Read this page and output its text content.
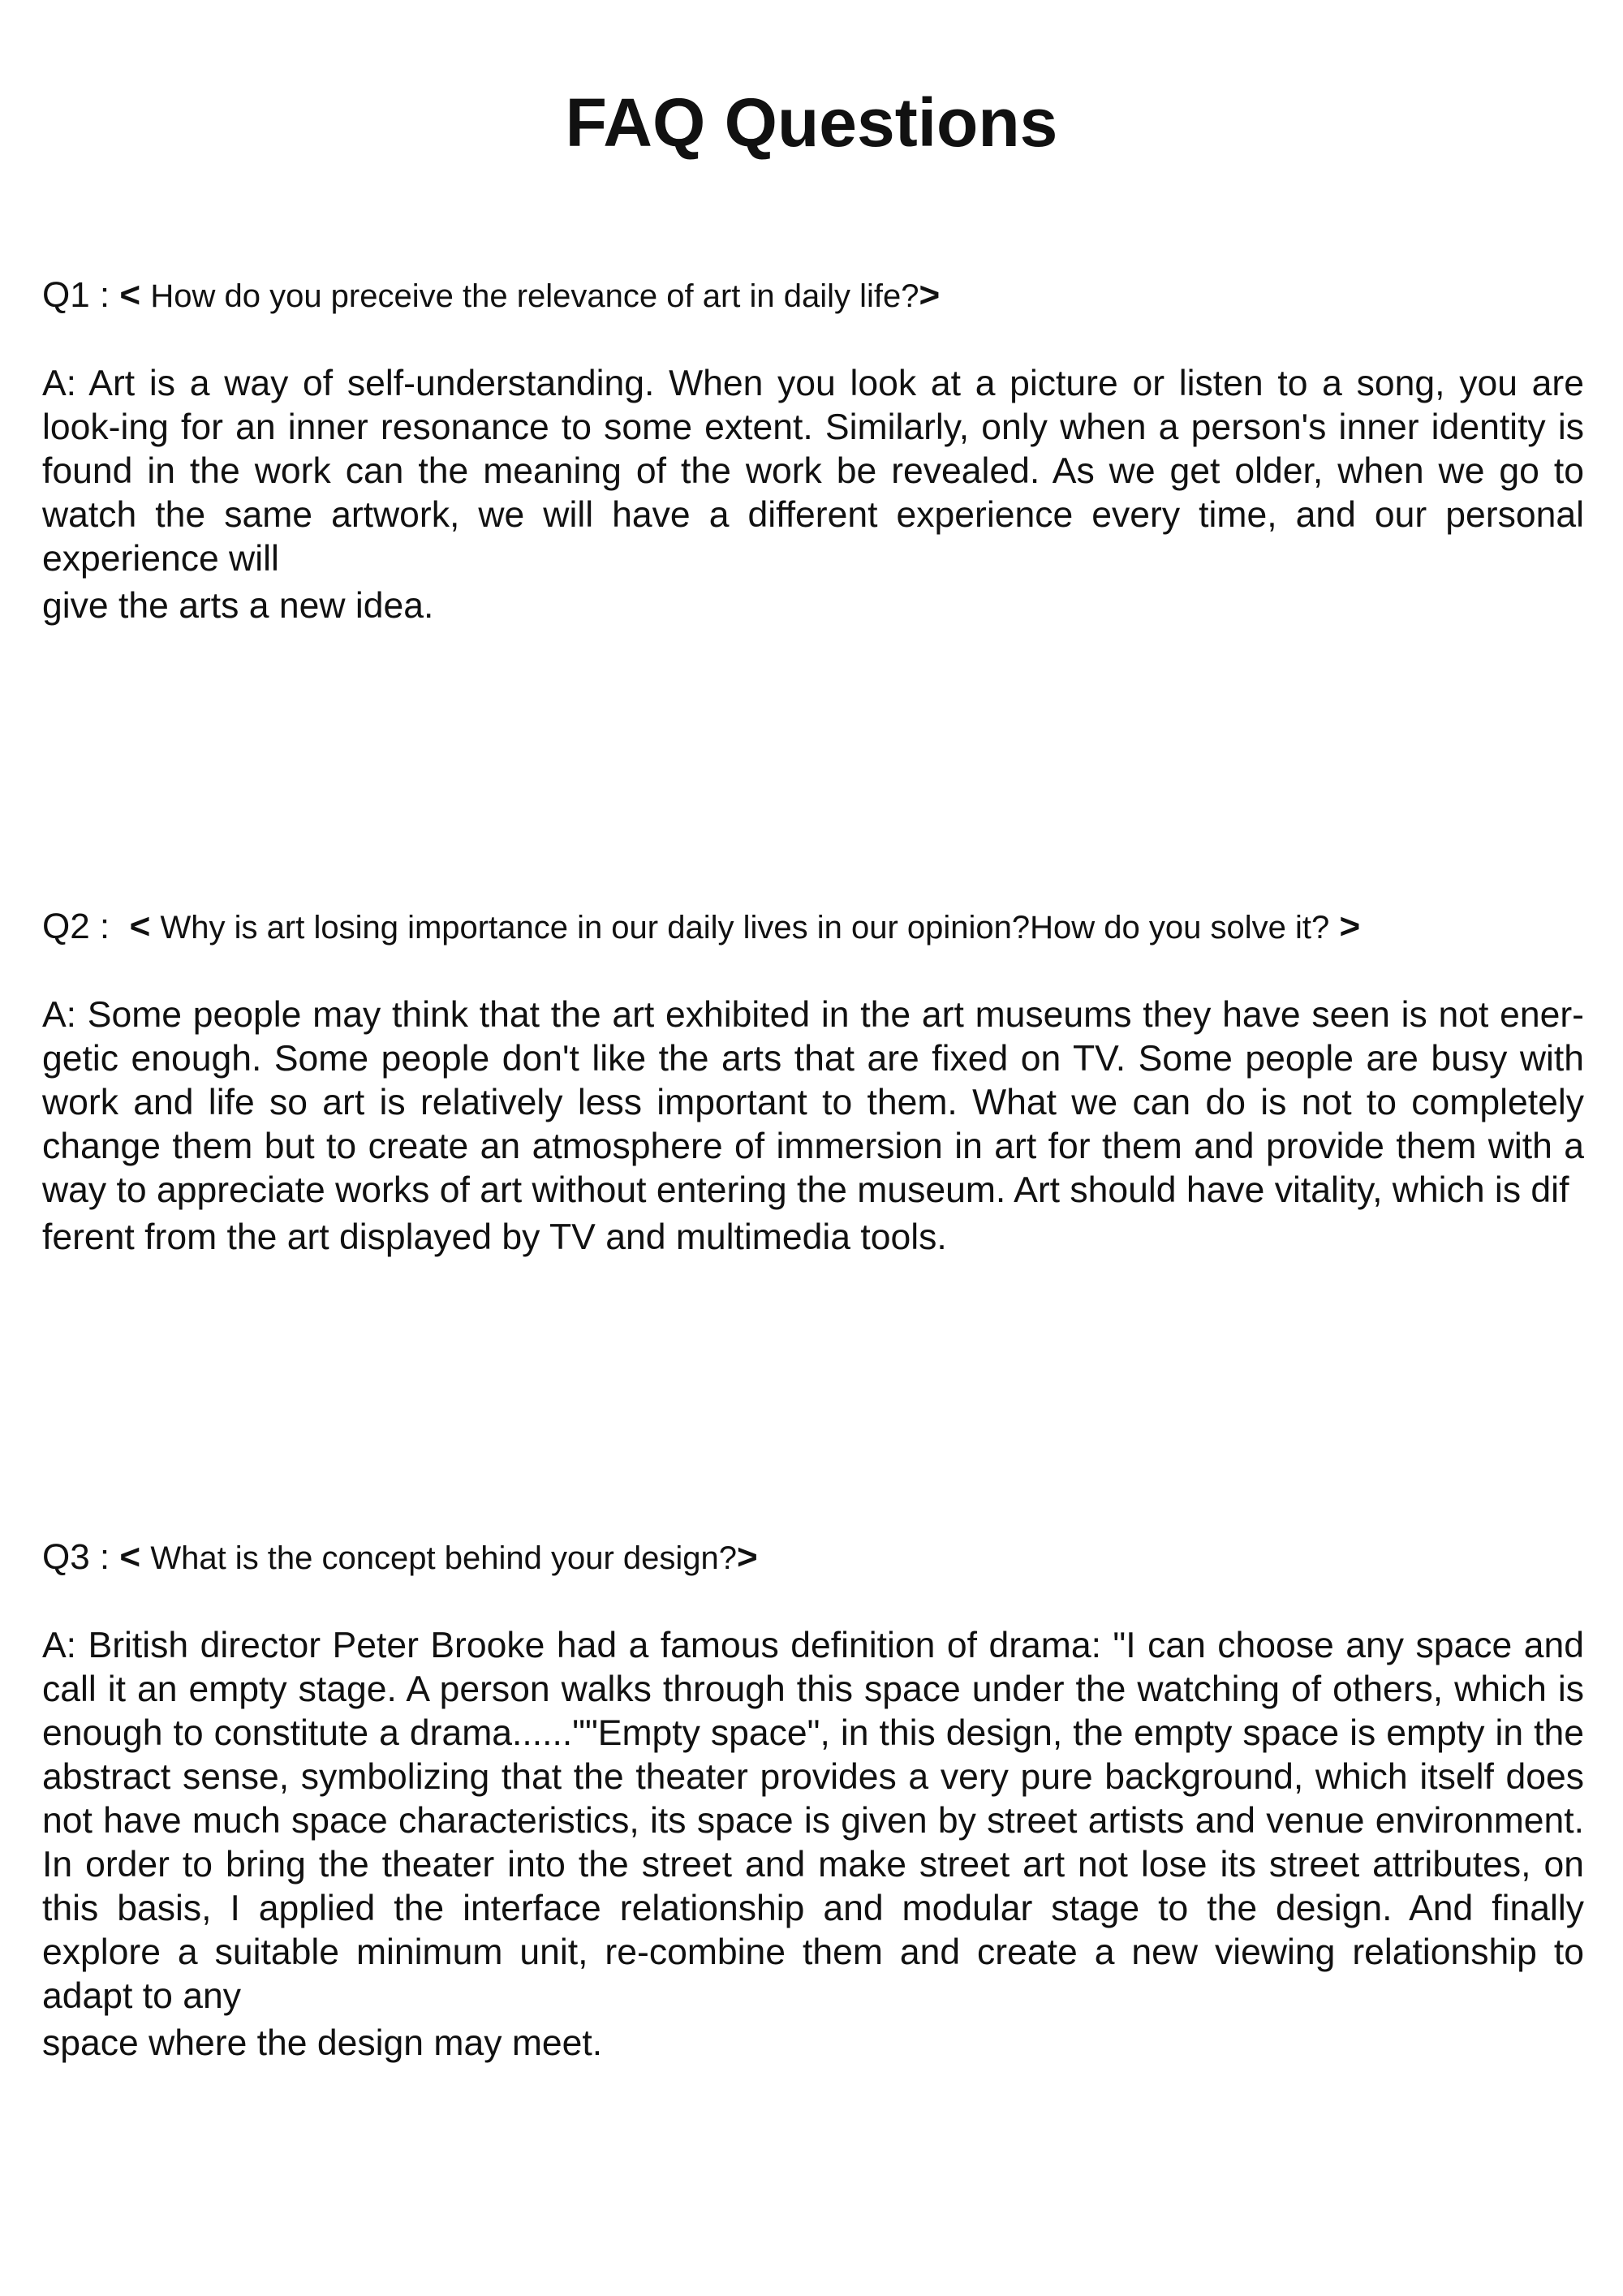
FAQ Questions
Q1 : < How do you preceive the relevance of art in daily life?>
A: Art is a way of self-understanding. When you look at a picture or listen to a song, you are look-ing for an inner resonance to some extent. Similarly, only when a person's inner identity is found in the work can the meaning of the work be revealed. As we get older, when we go to watch the same artwork, we will have a different experience every time, and our personal experience will
give the arts a new idea.
Q2 : < Why is art losing importance in our daily lives in our opinion?How do you solve it? >
A: Some people may think that the art exhibited in the art museums they have seen is not ener-getic enough. Some people don't like the arts that are fixed on TV. Some people are busy with work and life so art is relatively less important to them. What we can do is not to completely change them but to create an atmosphere of immersion in art for them and provide them with a way to appreciate works of art without entering the museum. Art should have vitality, which is dif
ferent from the art displayed by TV and multimedia tools.
Q3 : < What is the concept behind your design?>
A: British director Peter Brooke had a famous definition of drama: "I can choose any space and call it an empty stage. A person walks through this space under the watching of others, which is enough to constitute a drama......""Empty space", in this design, the empty space is empty in the abstract sense, symbolizing that the theater provides a very pure background, which itself does not have much space characteristics, its space is given by street artists and venue environment. In order to bring the theater into the street and make street art not lose its street attributes, on this basis, I applied the interface relationship and modular stage to the design. And finally explore a suitable minimum unit, re-combine them and create a new viewing relationship to adapt to any
space where the design may meet.
